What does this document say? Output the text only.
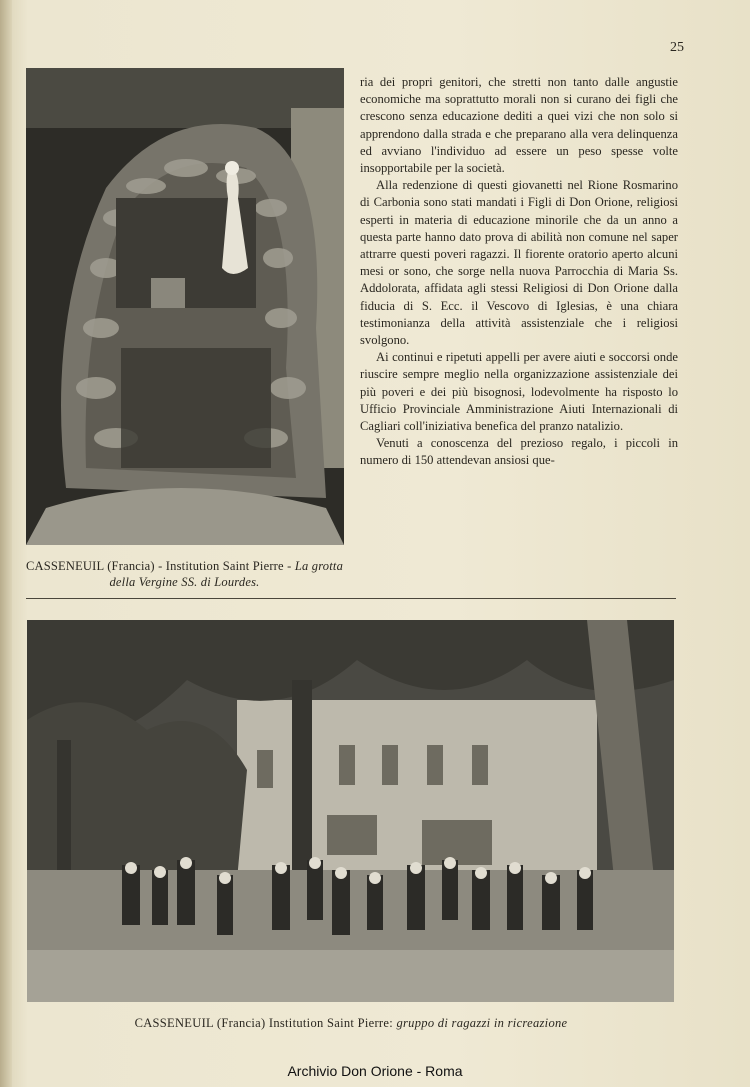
25
CASSENEUIL (Francia) - Institution Saint Pierre - La grotta della Vergine SS. di Lourdes.

ria dei propri genitori, che stretti non tanto dalle angustie economiche ma soprattutto morali non si curano dei figli che crescono senza educazione dediti a quei vizi che non solo si apprendono dalla strada e che preparano alla vera delinquenza ed avviano l'individuo ad essere un peso spesse volte insopportabile per la società.

Alla redenzione di questi giovanetti nel Rione Rosmarino di Carbonia sono stati mandati i Figli di Don Orione, religiosi esperti in materia di educazione minorile che da un anno a questa parte hanno dato prova di abilità non comune nel saper attrarre questi poveri ragazzi. Il fiorente oratorio aperto alcuni mesi or sono, che sorge nella nuova Parrocchia di Maria Ss. Addolorata, affidata agli stessi Religiosi di Don Orione dalla fiducia di S. Ecc. il Vescovo di Iglesias, è una chiara testimonianza della attività assistenziale che i religiosi svolgono.

Ai continui e ripetuti appelli per avere aiuti e soccorsi onde riuscire sempre meglio nella organizzazione assistenziale dei più poveri e dei più bisognosi, lodevolmente ha risposto lo Ufficio Provinciale Amministrazione Aiuti Internazionali di Cagliari coll'iniziativa benefica del pranzo natalizio.

Venuti a conoscenza del prezioso regalo, i piccoli in numero di 150 attendevan ansiosi que-

CASSENEUIL (Francia) Institution Saint Pierre: gruppo di ragazzi in ricreazione
Archivio Don Orione - Roma
